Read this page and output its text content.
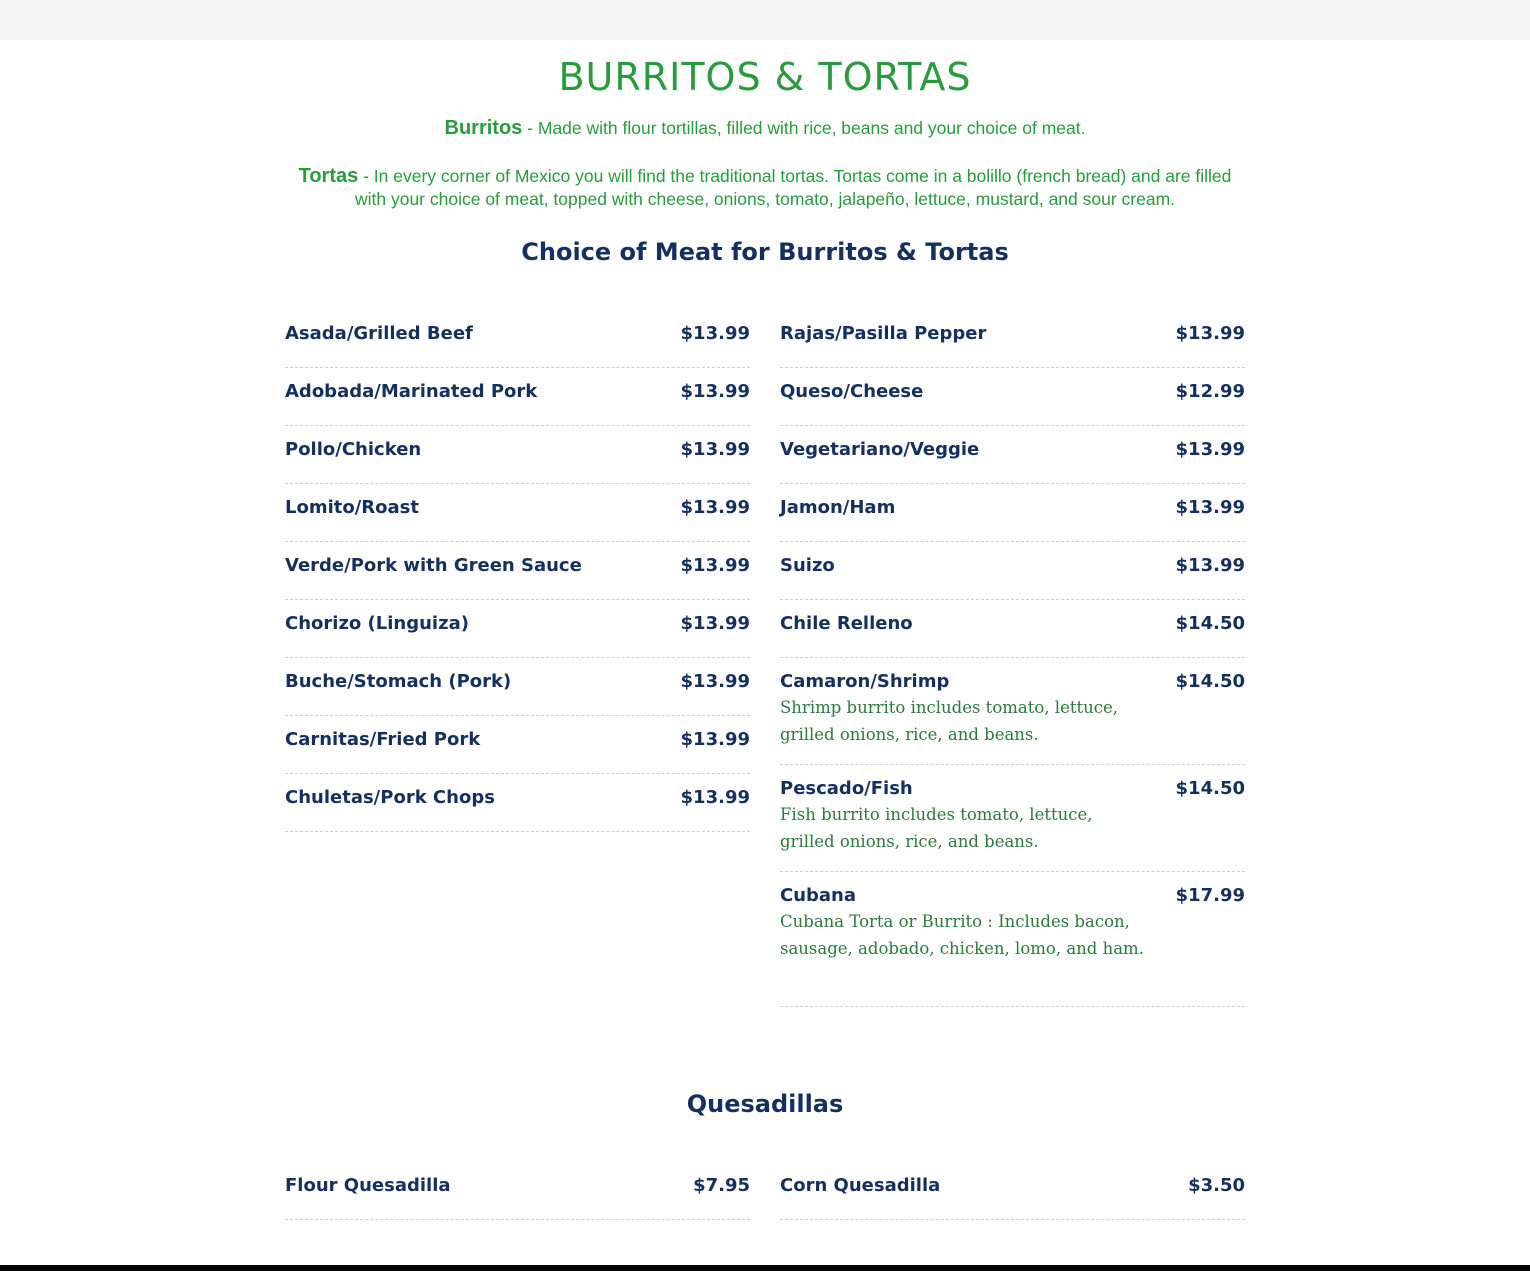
BURRITOS & TORTAS

Burritos - Made with flour tortillas, filled with rice, beans and your choice of meat.

Tortas - In every corner of Mexico you will find the traditional tortas. Tortas come in a bolillo (french bread) and are filled with your choice of meat, topped with cheese, onions, tomato, jalapeño, lettuce, mustard, and sour cream.

Choice of Meat for Burritos & Tortas
Asada/Grilled Beef	$13.99
Adobada/Marinated Pork	$13.99
Pollo/Chicken	$13.99
Lomito/Roast	$13.99
Verde/Pork with Green Sauce	$13.99
Chorizo (Linguiza)	$13.99
Buche/Stomach (Pork)	$13.99
Carnitas/Fried Pork	$13.99
Chuletas/Pork Chops	$13.99
Rajas/Pasilla Pepper	$13.99
Queso/Cheese	$12.99
Vegetariano/Veggie	$13.99
Jamon/Ham	$13.99
Suizo	$13.99
Chile Relleno	$14.50
Camaron/Shrimp	$14.50
Shrimp burrito includes tomato, lettuce, grilled onions, rice, and beans.
Pescado/Fish	$14.50
Fish burrito includes tomato, lettuce, grilled onions, rice, and beans.
Cubana	$17.99
Cubana Torta or Burrito : Includes bacon, sausage, adobado, chicken, lomo, and ham.
Quesadillas
Flour Quesadilla	$7.95 Corn Quesadilla	$3.50
